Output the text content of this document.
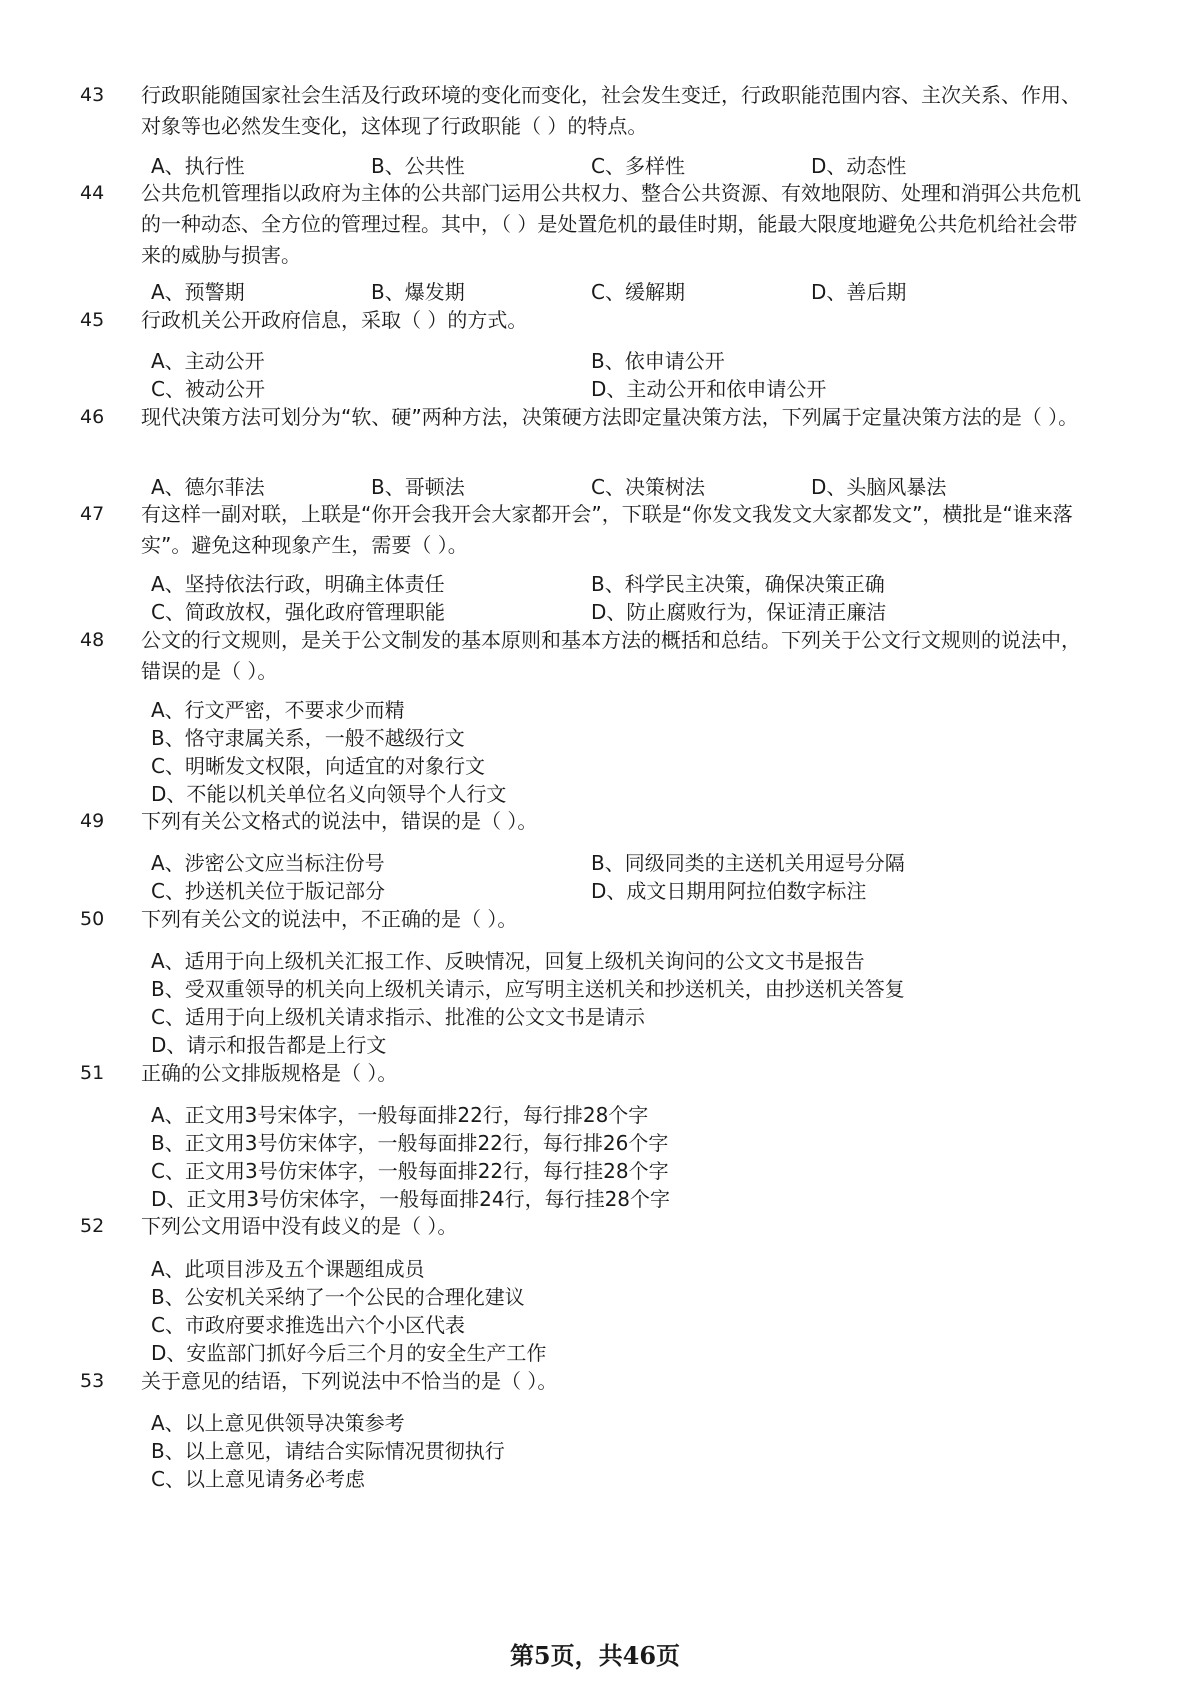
43 行政职能随国家社会生活及行政环境的变化而变化，社会发生变迁，行政职能范围内容、主次关系、作用、对象等也必然发生变化，这体现了行政职能（ ）的特点。
A、执行性	B、公共性	C、多样性	D、动态性
44 公共危机管理指以政府为主体的公共部门运用公共权力、整合公共资源、有效地限防、处理和消弭公共危机的一种动态、全方位的管理过程。其中，（ ）是处置危机的最佳时期，能最大限度地避免公共危机给社会带来的威胁与损害。
A、预警期	B、爆发期	C、缓解期	D、善后期
45 行政机关公开政府信息，采取（ ）的方式。
A、主动公开	B、依申请公开
C、被动公开	D、主动公开和依申请公开
46 现代决策方法可划分为“软、硬”两种方法，决策硬方法即定量决策方法，下列属于定量决策方法的是（ ）。
A、德尔菲法	B、哥顿法	C、决策树法	D、头脑风暴法
47 有这样一副对联，上联是“你开会我开会大家都开会”，下联是“你发文我发文大家都发文”，横批是“谁来落实”。避免这种现象产生，需要（ ）。
A、坚持依法行政，明确主体责任	B、科学民主决策，确保决策正确
C、简政放权，强化政府管理职能	D、防止腐败行为，保证清正廉洁
48 公文的行文规则，是关于公文制发的基本原则和基本方法的概括和总结。下列关于公文行文规则的说法中，错误的是（ ）。
A、行文严密，不要求少而精
B、恪守隶属关系，一般不越级行文
C、明晰发文权限，向适宜的对象行文
D、不能以机关单位名义向领导个人行文
49 下列有关公文格式的说法中，错误的是（ ）。
A、涉密公文应当标注份号	B、同级同类的主送机关用逗号分隔
C、抄送机关位于版记部分	D、成文日期用阿拉伯数字标注
50 下列有关公文的说法中，不正确的是（ ）。
A、适用于向上级机关汇报工作、反映情况，回复上级机关询问的公文文书是报告
B、受双重领导的机关向上级机关请示，应写明主送机关和抄送机关，由抄送机关答复
C、适用于向上级机关请求指示、批准的公文文书是请示
D、请示和报告都是上行文
51 正确的公文排版规格是（ ）。
A、正文用3号宋体字，一般每面排22行，每行排28个字
B、正文用3号仿宋体字，一般每面排22行，每行排26个字
C、正文用3号仿宋体字，一般每面排22行，每行挂28个字
D、正文用3号仿宋体字，一般每面排24行，每行挂28个字
52 下列公文用语中没有歧义的是（ ）。
A、此项目涉及五个课题组成员
B、公安机关采纳了一个公民的合理化建议
C、市政府要求推选出六个小区代表
D、安监部门抓好今后三个月的安全生产工作
53 关于意见的结语，下列说法中不恰当的是（ ）。
A、以上意见供领导决策参考
B、以上意见，请结合实际情况贯彻执行
C、以上意见请务必考虑
第5页，共46页
